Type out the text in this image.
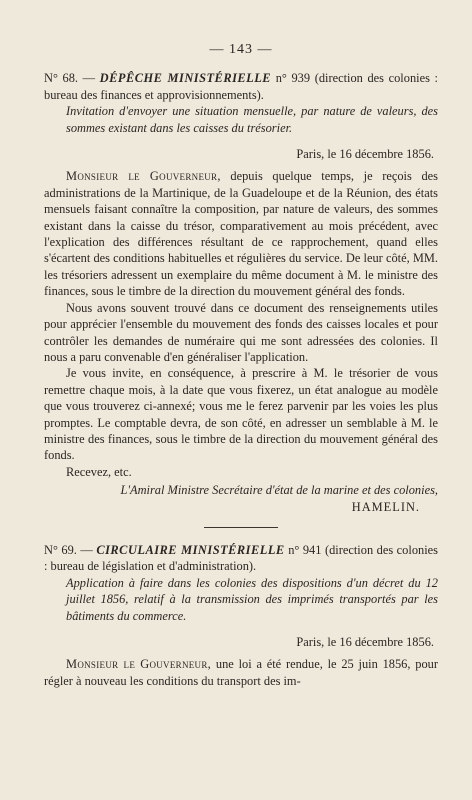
— 143 —
N° 68. — DÉPÊCHE MINISTÉRIELLE n° 939 (direction des colonies : bureau des finances et approvisionnements).
Invitation d'envoyer une situation mensuelle, par nature de valeurs, des sommes existant dans les caisses du trésorier.
Paris, le 16 décembre 1856.

Monsieur le Gouverneur, depuis quelque temps, je reçois des administrations de la Martinique, de la Guadeloupe et de la Réunion, des états mensuels faisant connaître la composition, par nature de valeurs, des sommes existant dans la caisse du trésor, comparativement au mois précédent, avec l'explication des différences résultant de ce rapprochement, quand elles s'écartent des conditions habituelles et régulières du service. De leur côté, MM. les trésoriers adressent un exemplaire du même document à M. le ministre des finances, sous le timbre de la direction du mouvement général des fonds.

Nous avons souvent trouvé dans ce document des renseignements utiles pour apprécier l'ensemble du mouvement des fonds des caisses locales et pour contrôler les demandes de numéraire qui me sont adressées des colonies. Il nous a paru convenable d'en généraliser l'application.

Je vous invite, en conséquence, à prescrire à M. le trésorier de vous remettre chaque mois, à la date que vous fixerez, un état analogue au modèle que vous trouverez ci-annexé; vous me le ferez parvenir par les voies les plus promptes. Le comptable devra, de son côté, en adresser un semblable à M. le ministre des finances, sous le timbre de la direction du mouvement général des fonds.

Recevez, etc.

L'Amiral Ministre Secrétaire d'état de la marine et des colonies,
HAMELIN.
N° 69. — CIRCULAIRE MINISTÉRIELLE n° 941 (direction des colonies : bureau de législation et d'administration).
Application à faire dans les colonies des dispositions d'un décret du 12 juillet 1856, relatif à la transmission des imprimés transportés par les bâtiments du commerce.
Paris, le 16 décembre 1856.

Monsieur le Gouverneur, une loi a été rendue, le 25 juin 1856, pour régler à nouveau les conditions du transport des im-
